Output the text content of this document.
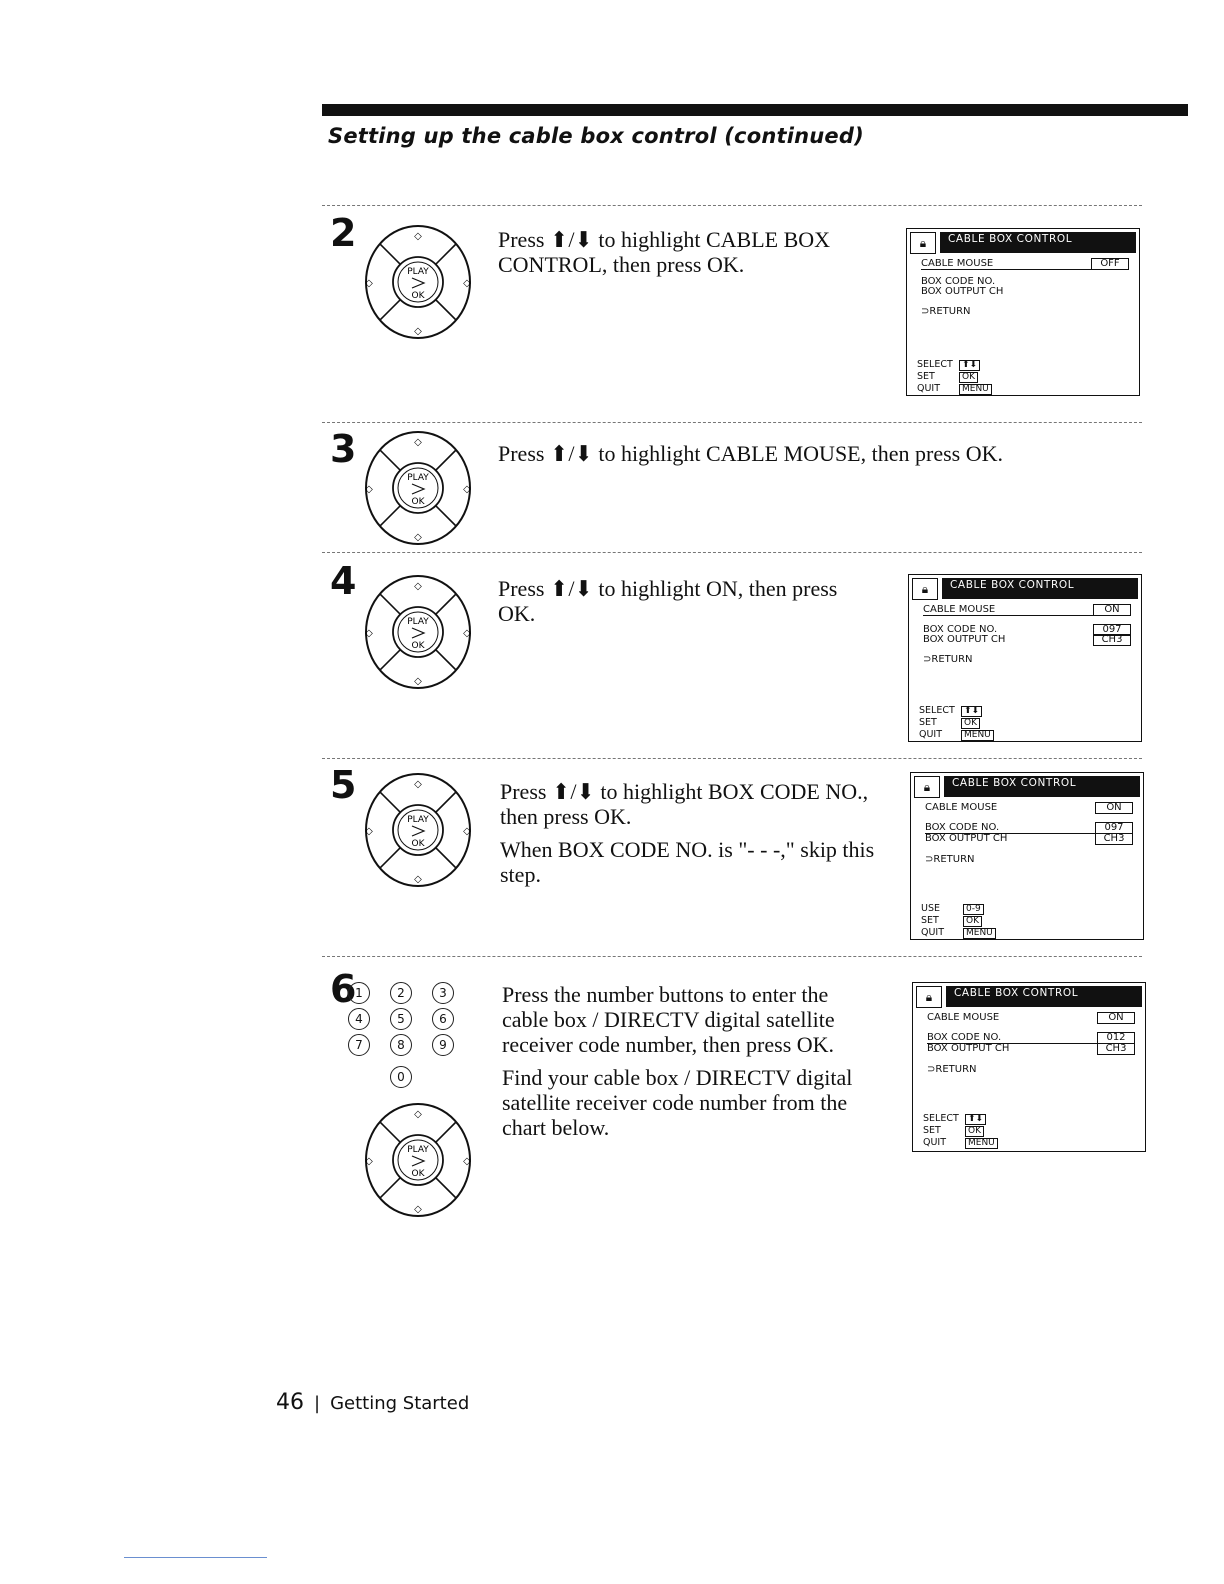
Setting up the cable box control (continued)
2
3
4
5
6
PLAY
OK
◇
◇
◇	◇
PLAY
OK
◇
◇
◇	◇
PLAY
OK
◇
◇
◇	◇
PLAY
OK
◇
◇
◇	◇
PLAY
OK
◇
◇
◇	◇
1	2	3
4	5	6
7	8	9
0

Press ⬆/⬇ to highlight CABLE BOX
CONTROL, then press OK.

Press ⬆/⬇ to highlight CABLE MOUSE, then press OK.

Press ⬆/⬇ to highlight ON, then press
OK.

Press ⬆/⬇ to highlight BOX CODE NO.,
then press OK.

When BOX CODE NO. is "- - -," skip this
step.

Press the number buttons to enter the
cable box / DIRECTV digital satellite
receiver code number, then press OK.

Find your cable box / DIRECTV digital
satellite receiver code number from the
chart below.

🔒︎	CABLE BOX CONTROL
CABLE MOUSE	OFF
BOX CODE NO.
BOX OUTPUT CH
⊃RETURN
SELECT ⬆⬇
SET	OK
QUIT MENU
🔒︎	CABLE BOX CONTROL
CABLE MOUSE	ON
BOX CODE NO.	097
BOX OUTPUT CH	CH3
⊃RETURN
SELECT ⬆⬇
SET	OK
QUIT MENU
🔒︎	CABLE BOX CONTROL
CABLE MOUSE	ON
BOX CODE NO.	097
BOX OUTPUT CH	CH3
⊃RETURN
USE	0-9
SET	OK
QUIT MENU
🔒︎	CABLE BOX CONTROL
CABLE MOUSE	ON
BOX CODE NO.	012
BOX OUTPUT CH	CH3
⊃RETURN
SELECT ⬆⬇
SET	OK
QUIT MENU
46 | Getting Started
